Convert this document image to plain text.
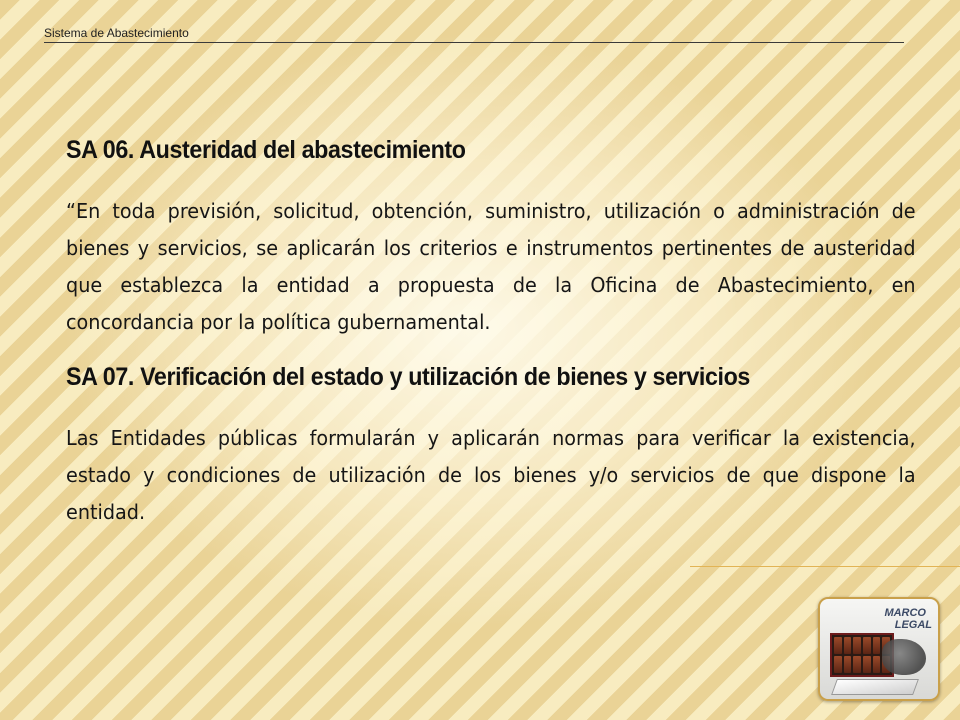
Sistema de Abastecimiento
SA 06. Austeridad del abastecimiento

“En toda previsión, solicitud, obtención, suministro, utilización o administración de bienes y servicios, se aplicarán los criterios e instrumentos pertinentes de austeridad que establezca la entidad a propuesta de la Oficina de Abastecimiento, en concordancia por la política gubernamental.

SA 07. Verificación del estado y utilización de bienes y servicios

Las Entidades públicas formularán y aplicarán normas para verificar la existencia, estado y condiciones de utilización de los bienes y/o servicios de que dispone la entidad.

MARCO
LEGAL
